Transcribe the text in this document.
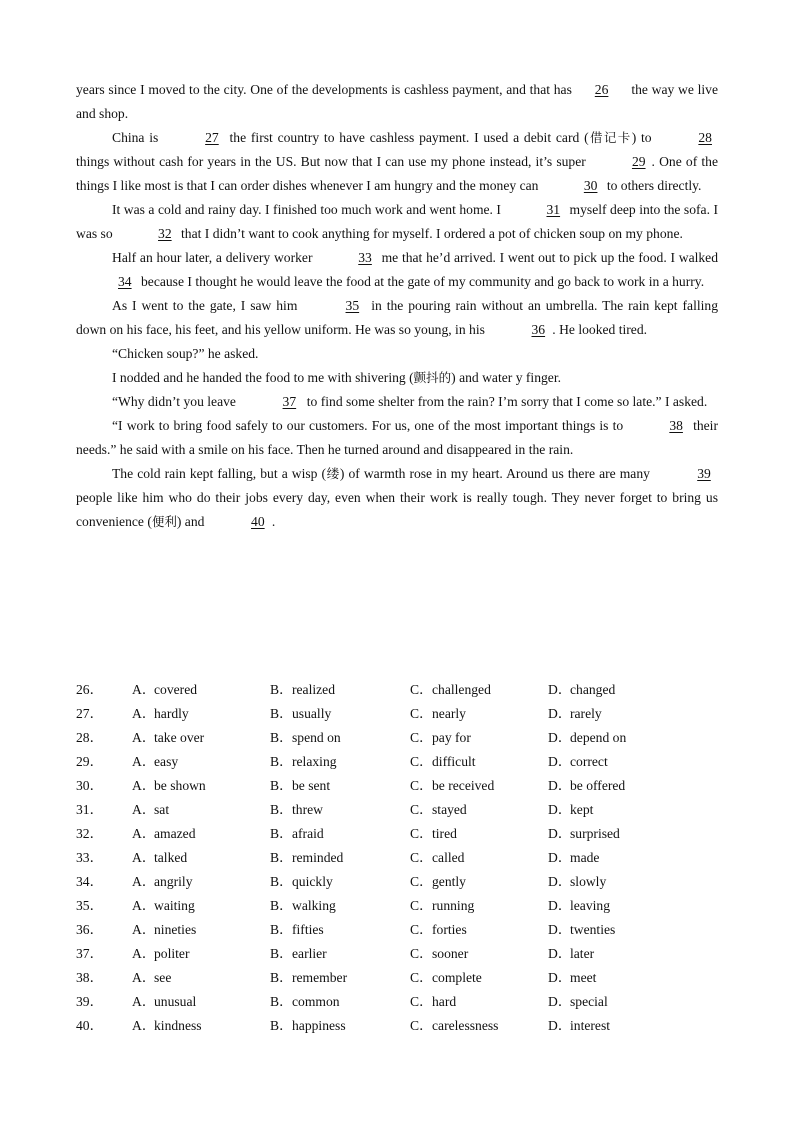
years since I moved to the city. One of the developments is cashless payment, and that has 26 the way we live and shop.

China is	27 the first country to have cashless payment. I used a debit card (借记卡) to	28 things without cash for years in the US. But now that I can use my phone instead, it’s super	29 . One of the things I like most is that I can order dishes whenever I am hungry and the money can	30 to others directly.

It was a cold and rainy day. I finished too much work and went home. I	31 myself deep into the sofa. I was so	32 that I didn’t want to cook anything for myself. I ordered a pot of chicken soup on my phone.

Half an hour later, a delivery worker	33 me that he’d arrived. I went out to pick up the food. I walked 34 because I thought he would leave the food at the gate of my community and go back to work in a hurry.

As I went to the gate, I saw him	35 in the pouring rain without an umbrella. The rain kept falling down on his face, his feet, and his yellow uniform. He was so young, in his	36 . He looked tired.

“Chicken soup?” he asked.

I nodded and he handed the food to me with shivering (颤抖的) and water y finger.

“Why didn’t you leave	37 to find some shelter from the rain? I’m sorry that I come so late.” I asked.

“I work to bring food safely to our customers. For us, one of the most important things is to	38 their needs.” he said with a smile on his face. Then he turned around and disappeared in the rain.

The cold rain kept falling, but a wisp (缕) of warmth rose in my heart. Around us there are many	39 people like him who do their jobs every day, even when their work is really tough. They never forget to bring us convenience (便利) and	40 .

26．	A．covered	B．realized	C．challenged	D．changed
27．	A．hardly	B．usually	C．nearly	D．rarely
28．	A．take over	B．spend on	C．pay for	D．depend on
29．	A．easy	B．relaxing	C．difficult	D．correct
30．	A．be shown	B．be sent	C．be received	D．be offered
31．	A．sat	B．threw	C．stayed	D．kept
32．	A．amazed	B．afraid	C．tired	D．surprised
33．	A．talked	B．reminded	C．called	D．made
34．	A．angrily	B．quickly	C．gently	D．slowly
35．	A．waiting	B．walking	C．running	D．leaving
36．	A．nineties	B．fifties	C．forties	D．twenties
37．	A．politer	B．earlier	C．sooner	D．later
38．	A．see	B．remember	C．complete	D．meet
39．	A．unusual	B．common	C．hard	D．special
40．	A．kindness	B．happiness	C．carelessness	D．interest
